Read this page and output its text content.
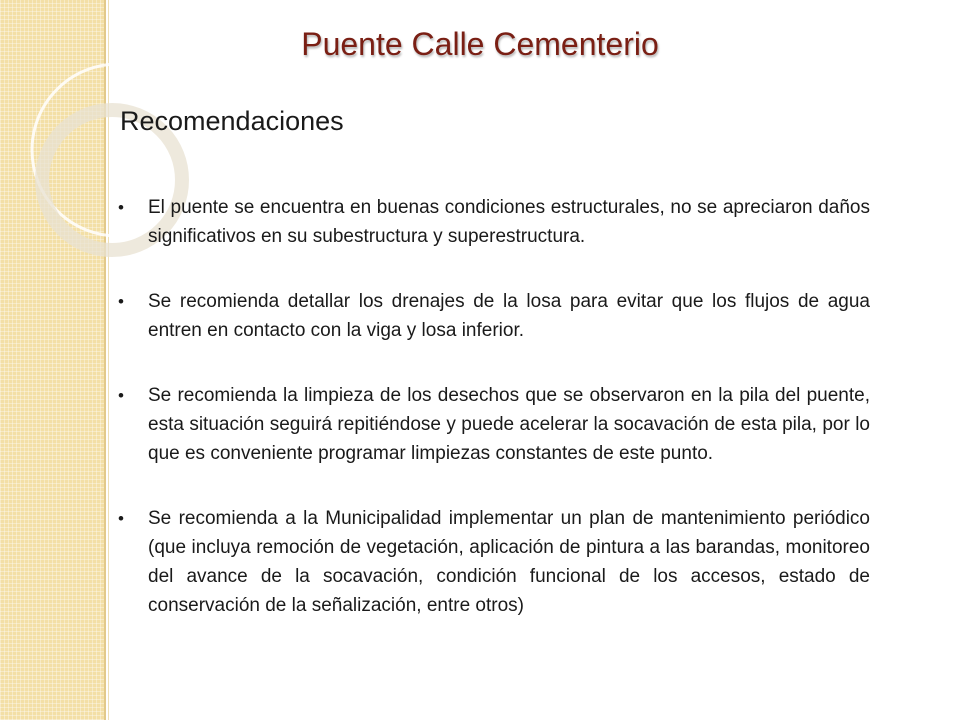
Puente Calle Cementerio
Recomendaciones
• El puente se encuentra en buenas condiciones estructurales, no se apreciaron daños significativos en su subestructura y superestructura.
• Se recomienda detallar los drenajes de la losa para evitar que los flujos de agua entren en contacto con la viga y losa inferior.
• Se recomienda la limpieza de los desechos que se observaron en la pila del puente, esta situación seguirá repitiéndose y puede acelerar la socavación de esta pila, por lo que es conveniente programar limpiezas constantes de este punto.
• Se recomienda a la Municipalidad implementar un plan de mantenimiento periódico (que incluya remoción de vegetación, aplicación de pintura a las barandas, monitoreo del avance de la socavación, condición funcional de los accesos, estado de conservación de la señalización, entre otros)
